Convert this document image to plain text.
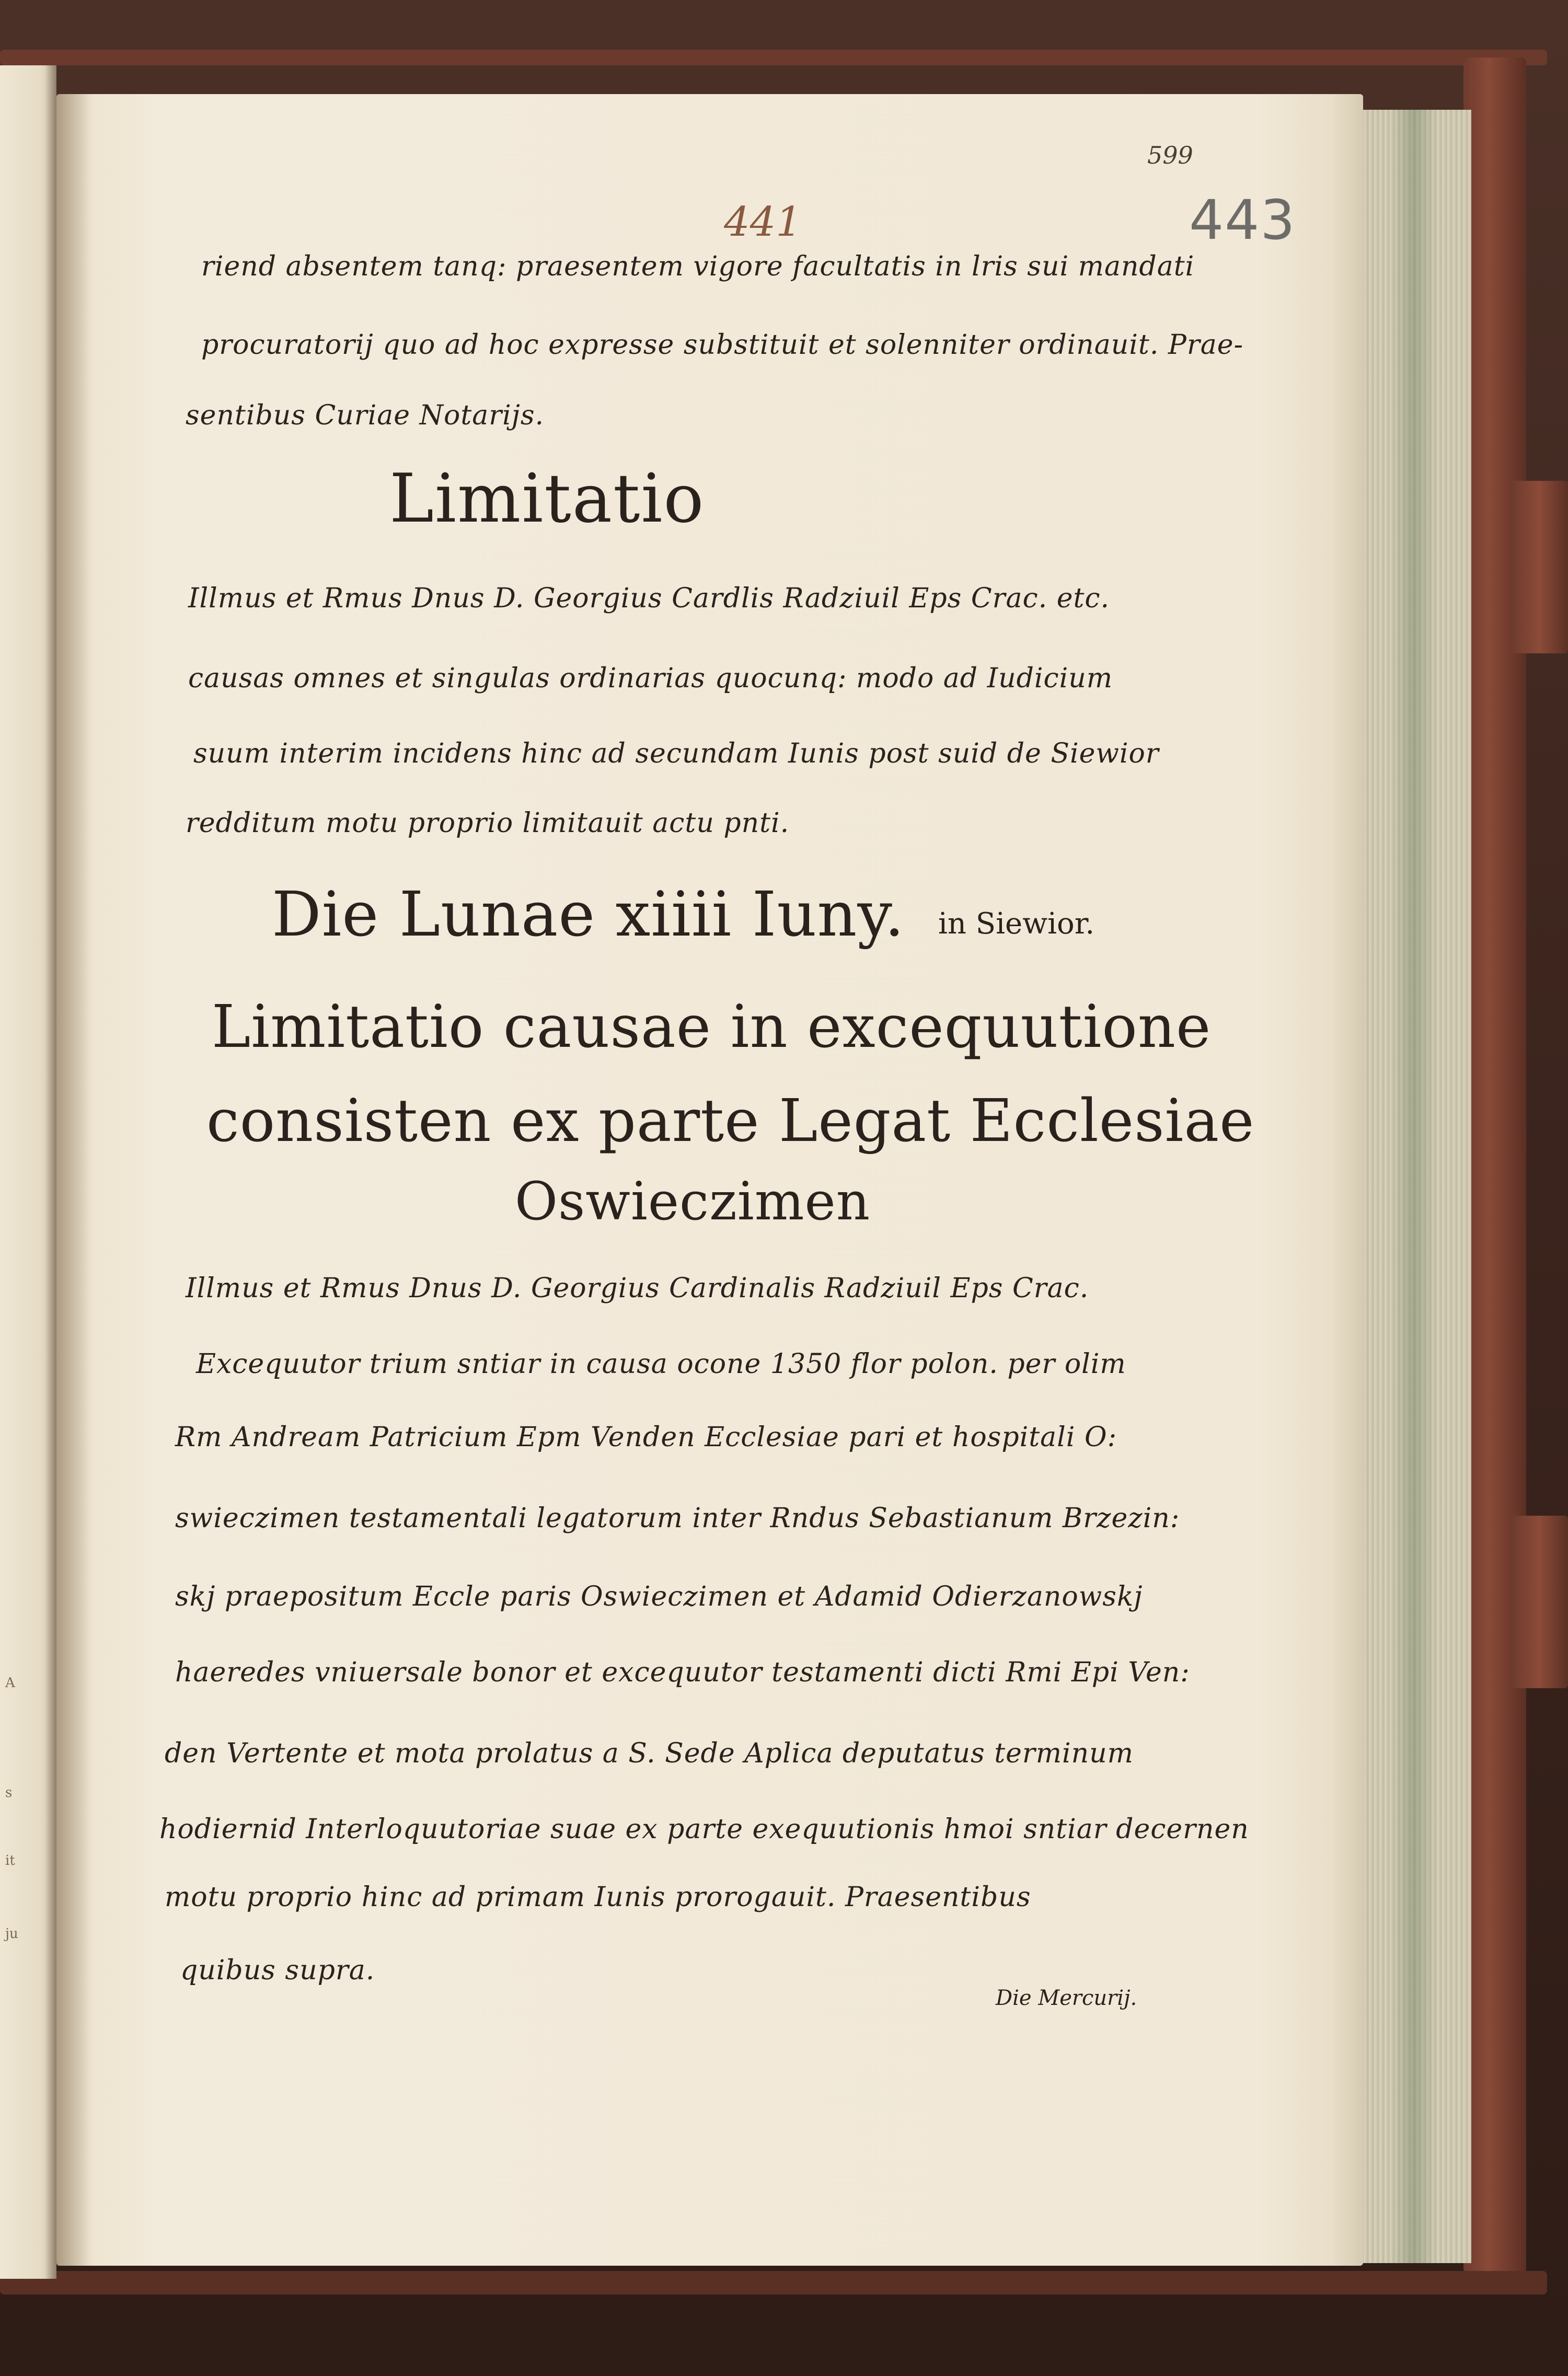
A
s
it
ju
599
441	443
riend absentem tanq: praesentem vigore facultatis in lris sui mandati
procuratorij quo ad hoc expresse substituit et solenniter ordinauit. Prae-
sentibus Curiae Notarijs.
Limitatio
Illmus et Rmus Dnus D. Georgius Cardlis Radziuil Eps Crac. etc.
causas omnes et singulas ordinarias quocunq: modo ad Iudicium
suum interim incidens hinc ad secundam Iunis post suid de Siewior
redditum motu proprio limitauit actu pnti.
Die Lunae xiiii Iuny. in Siewior.
Limitatio causae in excequutione
consisten ex parte Legat Ecclesiae
Oswieczimen
Illmus et Rmus Dnus D. Georgius Cardinalis Radziuil Eps Crac.
Excequutor trium sntiar in causa ocone 1350 flor polon. per olim
Rm Andream Patricium Epm Venden Ecclesiae pari et hospitali O:
swieczimen testamentali legatorum inter Rndus Sebastianum Brzezin:
skj praepositum Eccle paris Oswieczimen et Adamid Odierzanowskj
haeredes vniuersale bonor et excequutor testamenti dicti Rmi Epi Ven:
den Vertente et mota prolatus a S. Sede Aplica deputatus terminum
hodiernid Interloquutoriae suae ex parte exequutionis hmoi sntiar decernen
motu proprio hinc ad primam Iunis prorogauit. Praesentibus
quibus supra.
Die Mercurij.
